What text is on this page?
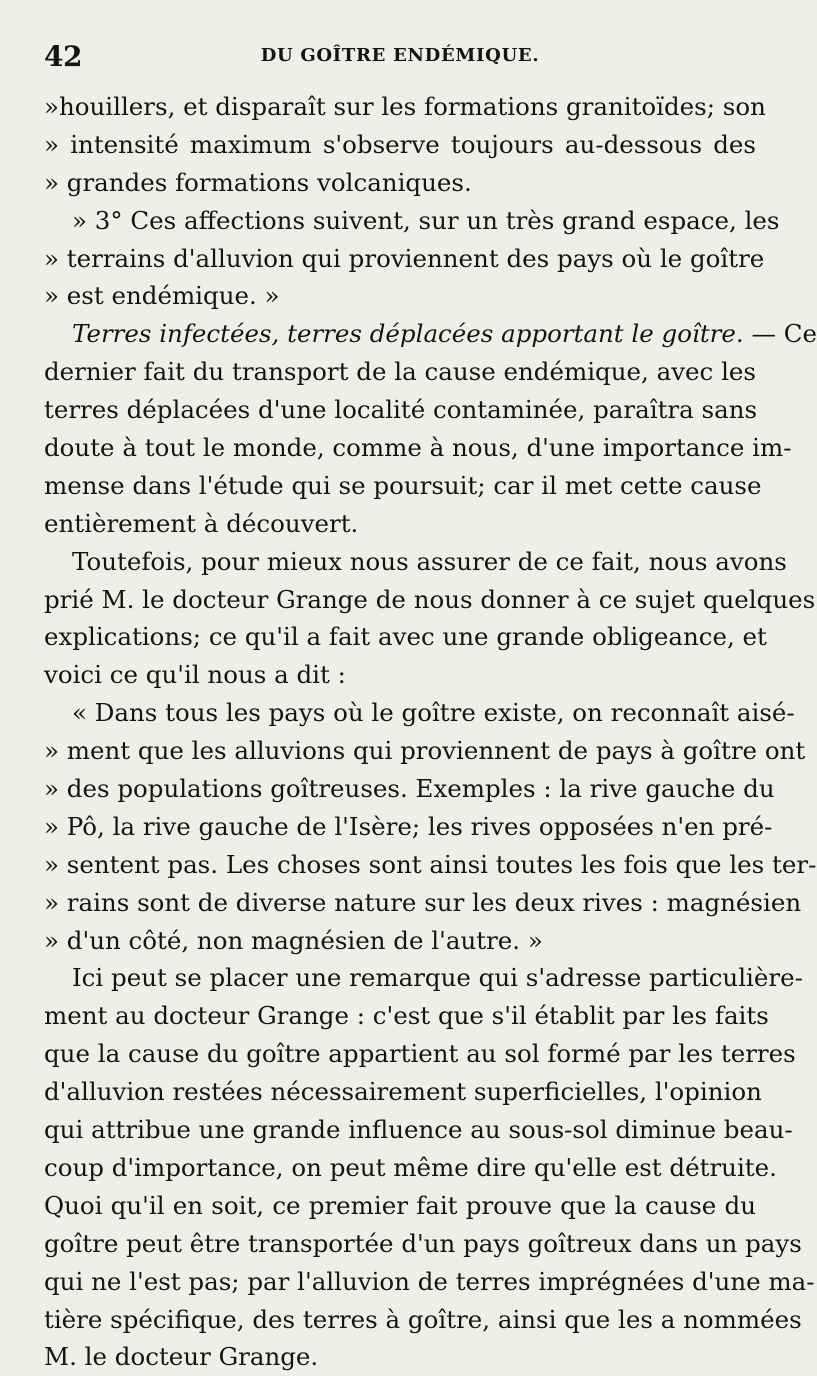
42	DU GOÎTRE ENDÉMIQUE.
»houillers, et disparaît sur les formations granitoïdes; son
» intensité maximum s'observe toujours au-dessous des
» grandes formations volcaniques.
» 3° Ces affections suivent, sur un très grand espace, les
» terrains d'alluvion qui proviennent des pays où le goître
» est endémique. »
Terres infectées, terres déplacées apportant le goître. — Ce
dernier fait du transport de la cause endémique, avec les
terres déplacées d'une localité contaminée, paraîtra sans
doute à tout le monde, comme à nous, d'une importance im-
mense dans l'étude qui se poursuit; car il met cette cause
entièrement à découvert.
Toutefois, pour mieux nous assurer de ce fait, nous avons
prié M. le docteur Grange de nous donner à ce sujet quelques
explications; ce qu'il a fait avec une grande obligeance, et
voici ce qu'il nous a dit :
« Dans tous les pays où le goître existe, on reconnaît aisé-
» ment que les alluvions qui proviennent de pays à goître ont
» des populations goîtreuses. Exemples : la rive gauche du
» Pô, la rive gauche de l'Isère; les rives opposées n'en pré-
» sentent pas. Les choses sont ainsi toutes les fois que les ter-
» rains sont de diverse nature sur les deux rives : magnésien
» d'un côté, non magnésien de l'autre. »
Ici peut se placer une remarque qui s'adresse particulière-
ment au docteur Grange : c'est que s'il établit par les faits
que la cause du goître appartient au sol formé par les terres
d'alluvion restées nécessairement superficielles, l'opinion
qui attribue une grande influence au sous-sol diminue beau-
coup d'importance, on peut même dire qu'elle est détruite.
Quoi qu'il en soit, ce premier fait prouve que la cause du
goître peut être transportée d'un pays goîtreux dans un pays
qui ne l'est pas; par l'alluvion de terres imprégnées d'une ma-
tière spécifique, des terres à goître, ainsi que les a nommées
M. le docteur Grange.
